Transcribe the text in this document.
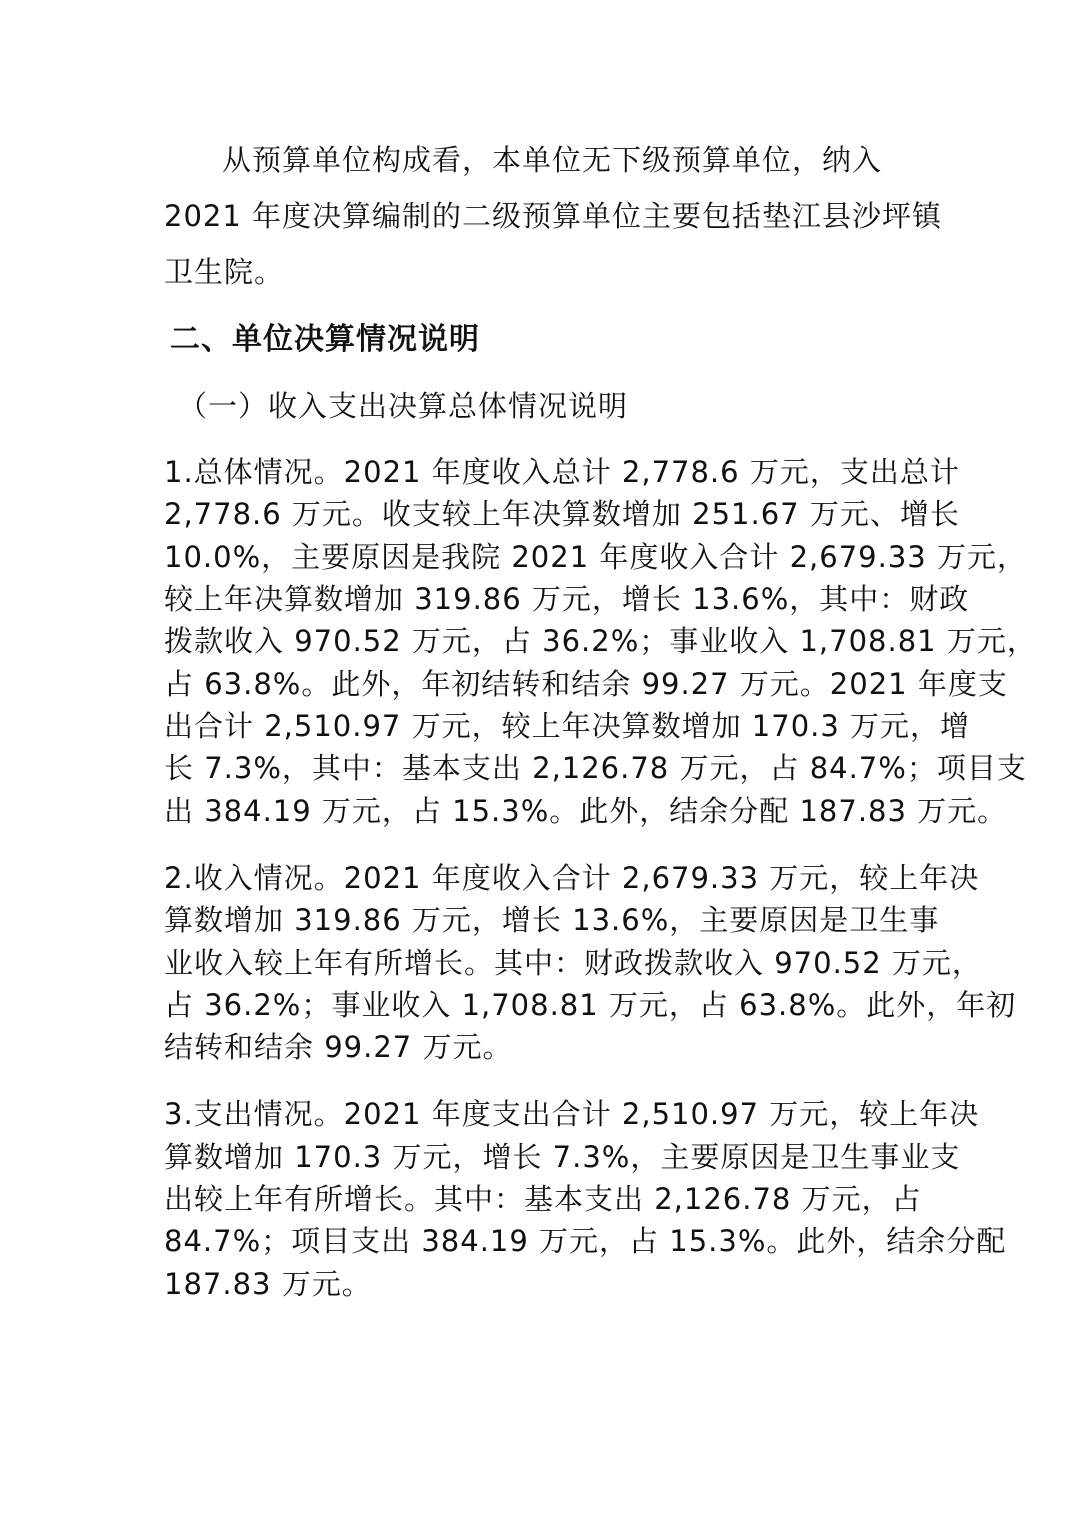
从预算单位构成看，本单位无下级预算单位，纳入
2021 年度决算编制的二级预算单位主要包括垫江县沙坪镇
卫生院。
二、单位决算情况说明
（一）收入支出决算总体情况说明
1.总体情况。2021 年度收入总计 2,778.6 万元，支出总计
2,778.6 万元。收支较上年决算数增加 251.67 万元、增长
10.0%，主要原因是我院 2021 年度收入合计 2,679.33 万元，
较上年决算数增加 319.86 万元，增长 13.6%，其中：财政
拨款收入 970.52 万元，占 36.2%；事业收入 1,708.81 万元，
占 63.8%。此外，年初结转和结余 99.27 万元。2021 年度支
出合计 2,510.97 万元，较上年决算数增加 170.3 万元，增
长 7.3%，其中：基本支出 2,126.78 万元，占 84.7%；项目支
出 384.19 万元，占 15.3%。此外，结余分配 187.83 万元。
2.收入情况。2021 年度收入合计 2,679.33 万元，较上年决
算数增加 319.86 万元，增长 13.6%，主要原因是卫生事
业收入较上年有所增长。其中：财政拨款收入 970.52 万元，
占 36.2%；事业收入 1,708.81 万元，占 63.8%。此外，年初
结转和结余 99.27 万元。
3.支出情况。2021 年度支出合计 2,510.97 万元，较上年决
算数增加 170.3 万元，增长 7.3%，主要原因是卫生事业支
出较上年有所增长。其中：基本支出 2,126.78 万元，占
84.7%；项目支出 384.19 万元，占 15.3%。此外，结余分配
187.83 万元。
